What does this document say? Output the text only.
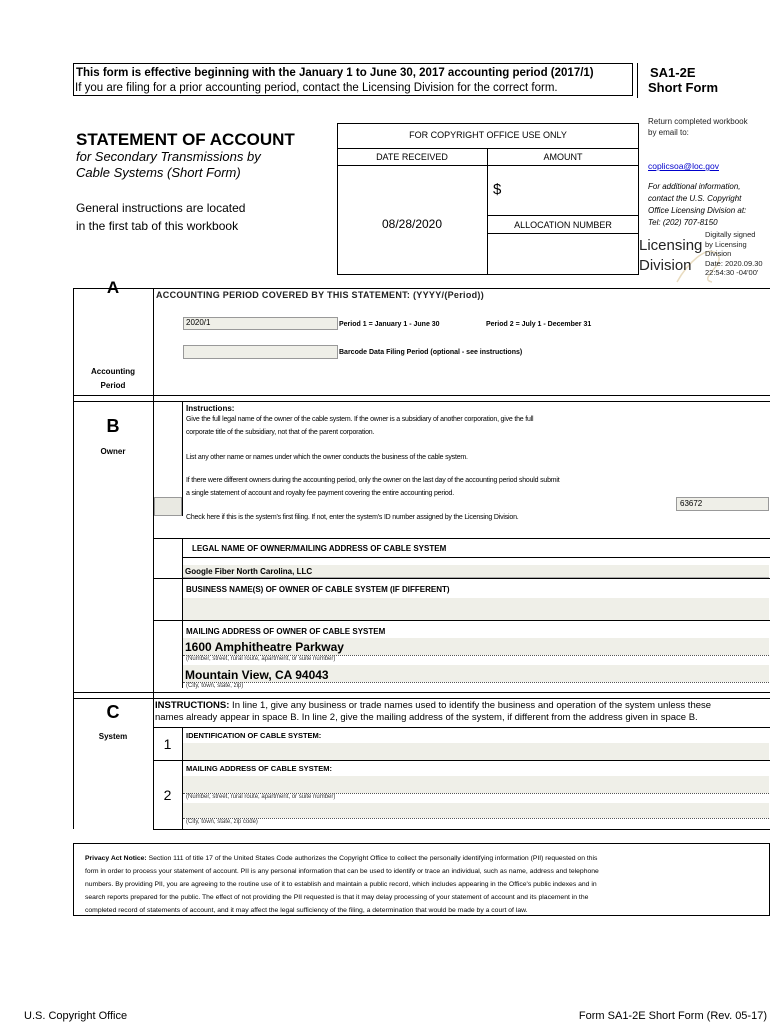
This form is effective beginning with the January 1 to June 30, 2017 accounting period (2017/1)
If you are filing for a prior accounting period, contact the Licensing Division for the correct form.
SA1-2E
Short Form
STATEMENT OF ACCOUNT
for Secondary Transmissions by
Cable Systems (Short Form)
General instructions are located
in the first tab of this workbook
FOR COPYRIGHT OFFICE USE ONLY
DATE RECEIVED	AMOUNT
08/28/2020
$
ALLOCATION NUMBER
Return completed workbook
by email to:
coplicsoa@loc.gov
For additional information,
contact the U.S. Copyright
Office Licensing Division at:
Tel: (202) 707-8150
Licensing
Division
Digitally signed
by Licensing
Division
Date: 2020.09.30
22:54:30 -04'00'
A	ACCOUNTING PERIOD COVERED BY THIS STATEMENT: (YYYY/(Period))
2020/1	Period 1 = January 1 - June 30	Period 2 = July 1 - December 31
Barcode Data Filing Period (optional - see instructions)
Accounting
Period
B
Owner
Instructions:
Give the full legal name of the owner of the cable system. If the owner is a subsidiary of another corporation, give the full
corporate title of the subsidiary, not that of the parent corporation.
List any other name or names under which the owner conducts the business of the cable system.
If there were different owners during the accounting period, only the owner on the last day of the accounting period should submit
a single statement of account and royalty fee payment covering the entire accounting period.
63672
Check here if this is the system's first filing. If not, enter the system's ID number assigned by the Licensing Division.
LEGAL NAME OF OWNER/MAILING ADDRESS OF CABLE SYSTEM
Google Fiber North Carolina, LLC
BUSINESS NAME(S) OF OWNER OF CABLE SYSTEM (IF DIFFERENT)
MAILING ADDRESS OF OWNER OF CABLE SYSTEM
1600 Amphitheatre Parkway
(Number, street, rural route, apartment, or suite number)
Mountain View, CA 94043
(City, town, state, zip)
C
System
INSTRUCTIONS: In line 1, give any business or trade names used to identify the business and operation of the system unless these
names already appear in space B. In line 2, give the mailing address of the system, if different from the address given in space B.
1
IDENTIFICATION OF CABLE SYSTEM:
MAILING ADDRESS OF CABLE SYSTEM:
2	(Number, street, rural route, apartment, or suite number)
(City, town, state, zip code)
Privacy Act Notice: Section 111 of title 17 of the United States Code authorizes the Copyright Office to collect the personally identifying information (PII) requested on this
form in order to process your statement of account. PII is any personal information that can be used to identify or trace an individual, such as name, address and telephone
numbers. By providing PII, you are agreeing to the routine use of it to establish and maintain a public record, which includes appearing in the Office's public indexes and in
search reports prepared for the public. The effect of not providing the PII requested is that it may delay processing of your statement of account and its placement in the
completed record of statements of account, and it may affect the legal sufficiency of the filing, a determination that would be made by a court of law.
U.S. Copyright Office	Form SA1-2E Short Form (Rev. 05-17)
